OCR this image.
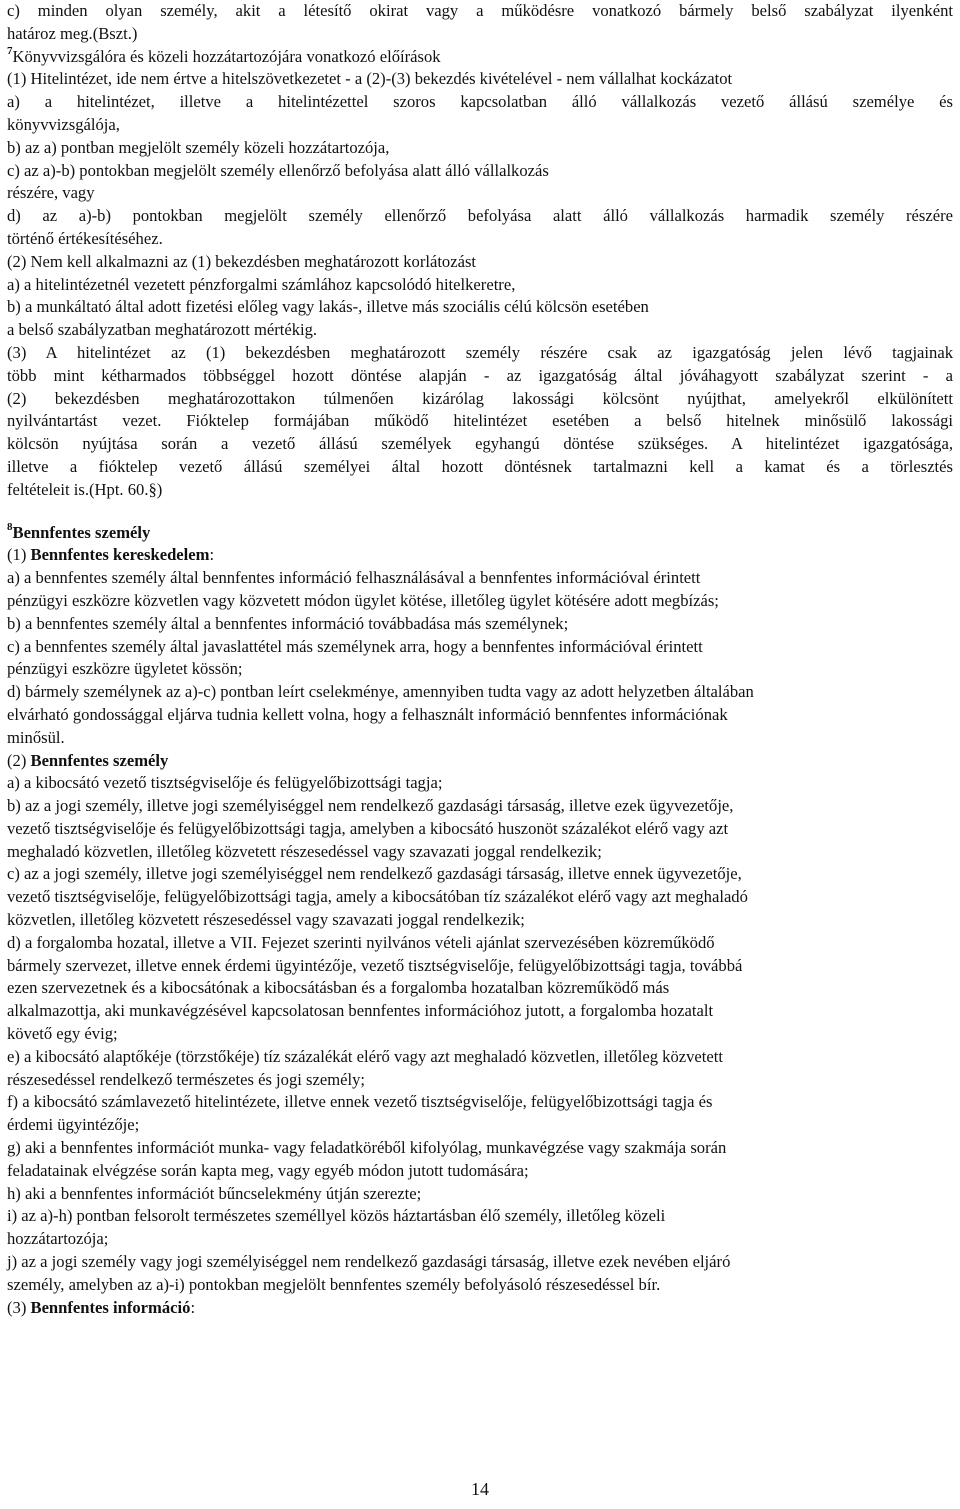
c) minden olyan személy, akit a létesítő okirat vagy a működésre vonatkozó bármely belső szabályzat ilyenként
határoz meg.(Bszt.)
$^7$Könyvvizsgálóra és közeli hozzátartozójára vonatkozó előírások
(1) Hitelintézet, ide nem értve a hitelszövetkezetet - a (2)-(3) bekezdés kivételével - nem vállalhat kockázatot
a) a hitelintézet, illetve a hitelintézettel szoros kapcsolatban álló vállalkozás vezető állású személye és
könyvvizsgálója,
b) az a) pontban megjelölt személy közeli hozzátartozója,
c) az a)-b) pontokban megjelölt személy ellenőrző befolyása alatt álló vállalkozás
részére, vagy
d) az a)-b) pontokban megjelölt személy ellenőrző befolyása alatt álló vállalkozás harmadik személy részére
történő értékesítéséhez.
(2) Nem kell alkalmazni az (1) bekezdésben meghatározott korlátozást
a) a hitelintézetnél vezetett pénzforgalmi számlához kapcsolódó hitelkeretre,
b) a munkáltató által adott fizetési előleg vagy lakás-, illetve más szociális célú kölcsön esetében
a belső szabályzatban meghatározott mértékig.
(3) A hitelintézet az (1) bekezdésben meghatározott személy részére csak az igazgatóság jelen lévő tagjainak
több mint kétharmados többséggel hozott döntése alapján - az igazgatóság által jóváhagyott szabályzat szerint - a
(2) bekezdésben meghatározottakon túlmenően kizárólag lakossági kölcsönt nyújthat, amelyekről elkülönített
nyilvántartást vezet. Fióktelep formájában működő hitelintézet esetében a belső hitelnek minősülő lakossági
kölcsön nyújtása során a vezető állású személyek egyhangú döntése szükséges. A hitelintézet igazgatósága,
illetve a fióktelep vezető állású személyei által hozott döntésnek tartalmazni kell a kamat és a törlesztés
feltételeit is.(Hpt. 60.§)
$^8$Bennfentes személy
(1) Bennfentes kereskedelem:
a) a bennfentes személy által bennfentes információ felhasználásával a bennfentes információval érintett
pénzügyi eszközre közvetlen vagy közvetett módon ügylet kötése, illetőleg ügylet kötésére adott megbízás;
b) a bennfentes személy által a bennfentes információ továbbadása más személynek;
c) a bennfentes személy által javaslattétel más személynek arra, hogy a bennfentes információval érintett
pénzügyi eszközre ügyletet kössön;
d) bármely személynek az a)-c) pontban leírt cselekménye, amennyiben tudta vagy az adott helyzetben általában
elvárható gondossággal eljárva tudnia kellett volna, hogy a felhasznált információ bennfentes információnak
minősül.
(2) Bennfentes személy
a) a kibocsátó vezető tisztségviselője és felügyelőbizottsági tagja;
b) az a jogi személy, illetve jogi személyiséggel nem rendelkező gazdasági társaság, illetve ezek ügyvezetője,
vezető tisztségviselője és felügyelőbizottsági tagja, amelyben a kibocsátó huszonöt százalékot elérő vagy azt
meghaladó közvetlen, illetőleg közvetett részesedéssel vagy szavazati joggal rendelkezik;
c) az a jogi személy, illetve jogi személyiséggel nem rendelkező gazdasági társaság, illetve ennek ügyvezetője,
vezető tisztségviselője, felügyelőbizottsági tagja, amely a kibocsátóban tíz százalékot elérő vagy azt meghaladó
közvetlen, illetőleg közvetett részesedéssel vagy szavazati joggal rendelkezik;
d) a forgalomba hozatal, illetve a VII. Fejezet szerinti nyilvános vételi ajánlat szervezésében közreműködő
bármely szervezet, illetve ennek érdemi ügyintézője, vezető tisztségviselője, felügyelőbizottsági tagja, továbbá
ezen szervezetnek és a kibocsátónak a kibocsátásban és a forgalomba hozatalban közreműködő más
alkalmazottja, aki munkavégzésével kapcsolatosan bennfentes információhoz jutott, a forgalomba hozatalt
követő egy évig;
e) a kibocsátó alaptőkéje (törzstőkéje) tíz százalékát elérő vagy azt meghaladó közvetlen, illetőleg közvetett
részesedéssel rendelkező természetes és jogi személy;
f) a kibocsátó számlavezető hitelintézete, illetve ennek vezető tisztségviselője, felügyelőbizottsági tagja és
érdemi ügyintézője;
g) aki a bennfentes információt munka- vagy feladatköréből kifolyólag, munkavégzése vagy szakmája során
feladatainak elvégzése során kapta meg, vagy egyéb módon jutott tudomására;
h) aki a bennfentes információt bűncselekmény útján szerezte;
i) az a)-h) pontban felsorolt természetes személlyel közös háztartásban élő személy, illetőleg közeli
hozzátartozója;
j) az a jogi személy vagy jogi személyiséggel nem rendelkező gazdasági társaság, illetve ezek nevében eljáró
személy, amelyben az a)-i) pontokban megjelölt bennfentes személy befolyásoló részesedéssel bír.
(3) Bennfentes információ:
14
